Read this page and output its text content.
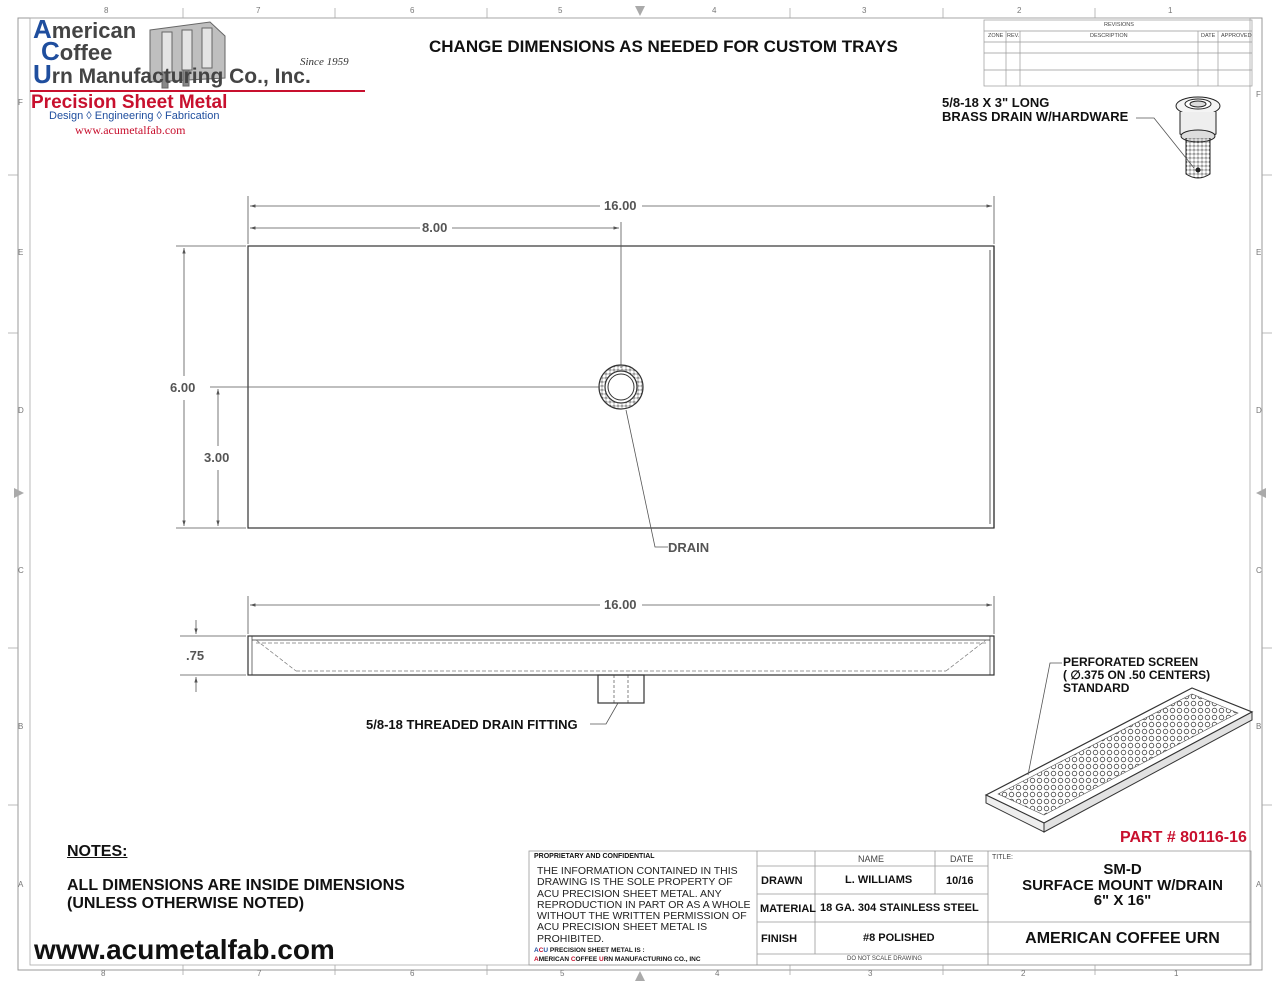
8	7	6	5	4	3	2	1
8	7	6	5	4	3	2	1
F
E
D
C
B
A
F
E
D
C
B
A
American
Coffee
Urn Manufacturing Co., Inc.
Since 1959
Precision Sheet Metal
Design ◊ Engineering ◊ Fabrication
www.acumetalfab.com
CHANGE DIMENSIONS AS NEEDED FOR CUSTOM TRAYS
REVISIONS
ZONE REV.	DESCRIPTION	DATE APPROVED
5/8-18 X 3" LONG
BRASS DRAIN W/HARDWARE
16.00
8.00
6.00
3.00
DRAIN
16.00
.75
5/8-18 THREADED DRAIN FITTING
PERFORATED SCREEN
( ∅.375 ON .50 CENTERS)
STANDARD
PART # 80116-16
NOTES:
ALL DIMENSIONS ARE INSIDE DIMENSIONS
(UNLESS OTHERWISE NOTED)
www.acumetalfab.com
PROPRIETARY AND CONFIDENTIAL
THE INFORMATION CONTAINED IN THIS
DRAWING IS THE SOLE PROPERTY OF
ACU PRECISION SHEET METAL. ANY
REPRODUCTION IN PART OR AS A WHOLE
WITHOUT THE WRITTEN PERMISSION OF
ACU PRECISION SHEET METAL IS
PROHIBITED.
ACU PRECISION SHEET METAL IS :
AMERICAN COFFEE URN MANUFACTURING CO., INC
NAME	DATE
DRAWN	L. WILLIAMS	10/16
MATERIAL 18 GA. 304 STAINLESS STEEL
FINISH	#8 POLISHED
DO NOT SCALE DRAWING
TITLE:
SM-D
SURFACE MOUNT W/DRAIN
6" X 16"
AMERICAN COFFEE URN
